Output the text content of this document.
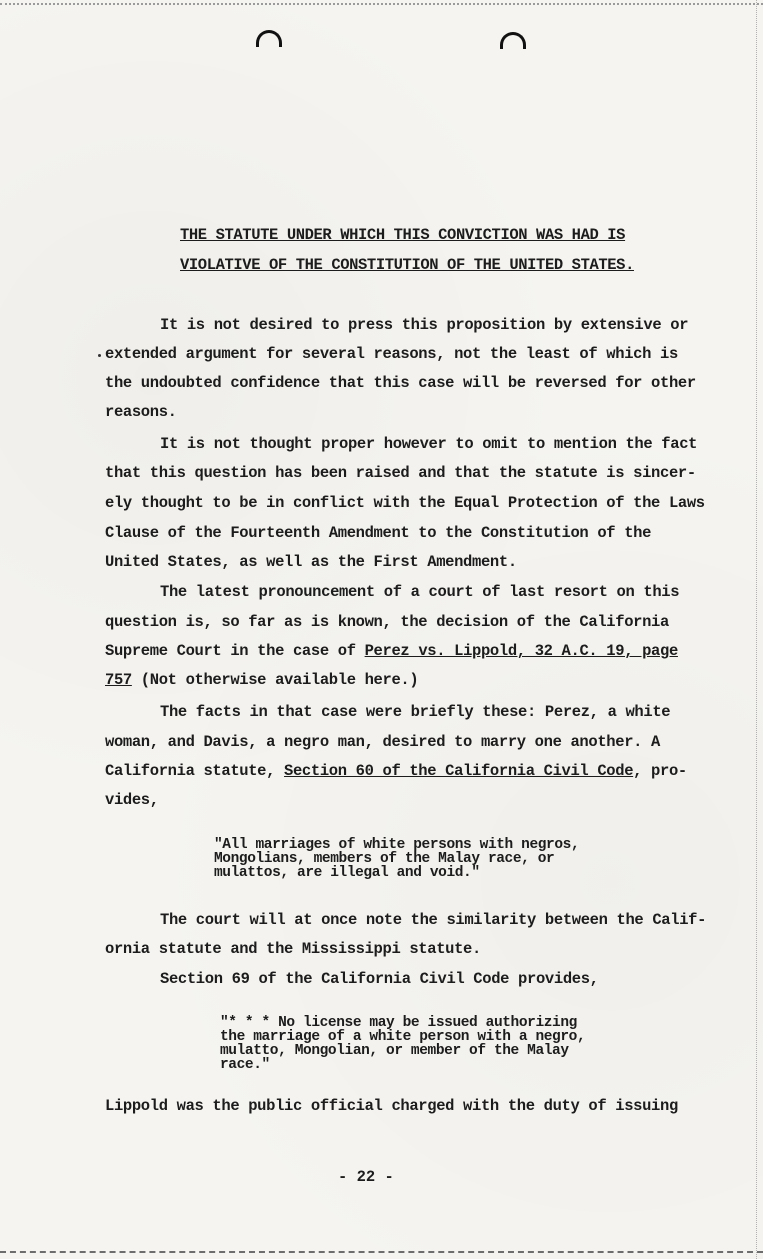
THE STATUTE UNDER WHICH THIS CONVICTION WAS HAD IS
VIOLATIVE OF THE CONSTITUTION OF THE UNITED STATES.
It is not desired to press this proposition by extensive or
extended argument for several reasons, not the least of which is
the undoubted confidence that this case will be reversed for other
reasons.
It is not thought proper however to omit to mention the fact
that this question has been raised and that the statute is sincer-
ely thought to be in conflict with the Equal Protection of the Laws
Clause of the Fourteenth Amendment to the Constitution of the
United States, as well as the First Amendment.
The latest pronouncement of a court of last resort on this
question is, so far as is known, the decision of the California
Supreme Court in the case of Perez vs. Lippold, 32 A.C. 19, page
757 (Not otherwise available here.)
The facts in that case were briefly these: Perez, a white
woman, and Davis, a negro man, desired to marry one another. A
California statute, Section 60 of the California Civil Code, pro-
vides,
"All marriages of white persons with negros,
Mongolians, members of the Malay race, or
mulattos, are illegal and void."
The court will at once note the similarity between the Calif-
ornia statute and the Mississippi statute.
Section 69 of the California Civil Code provides,
"* * * No license may be issued authorizing
the marriage of a white person with a negro,
mulatto, Mongolian, or member of the Malay
race."
Lippold was the public official charged with the duty of issuing
- 22 -
